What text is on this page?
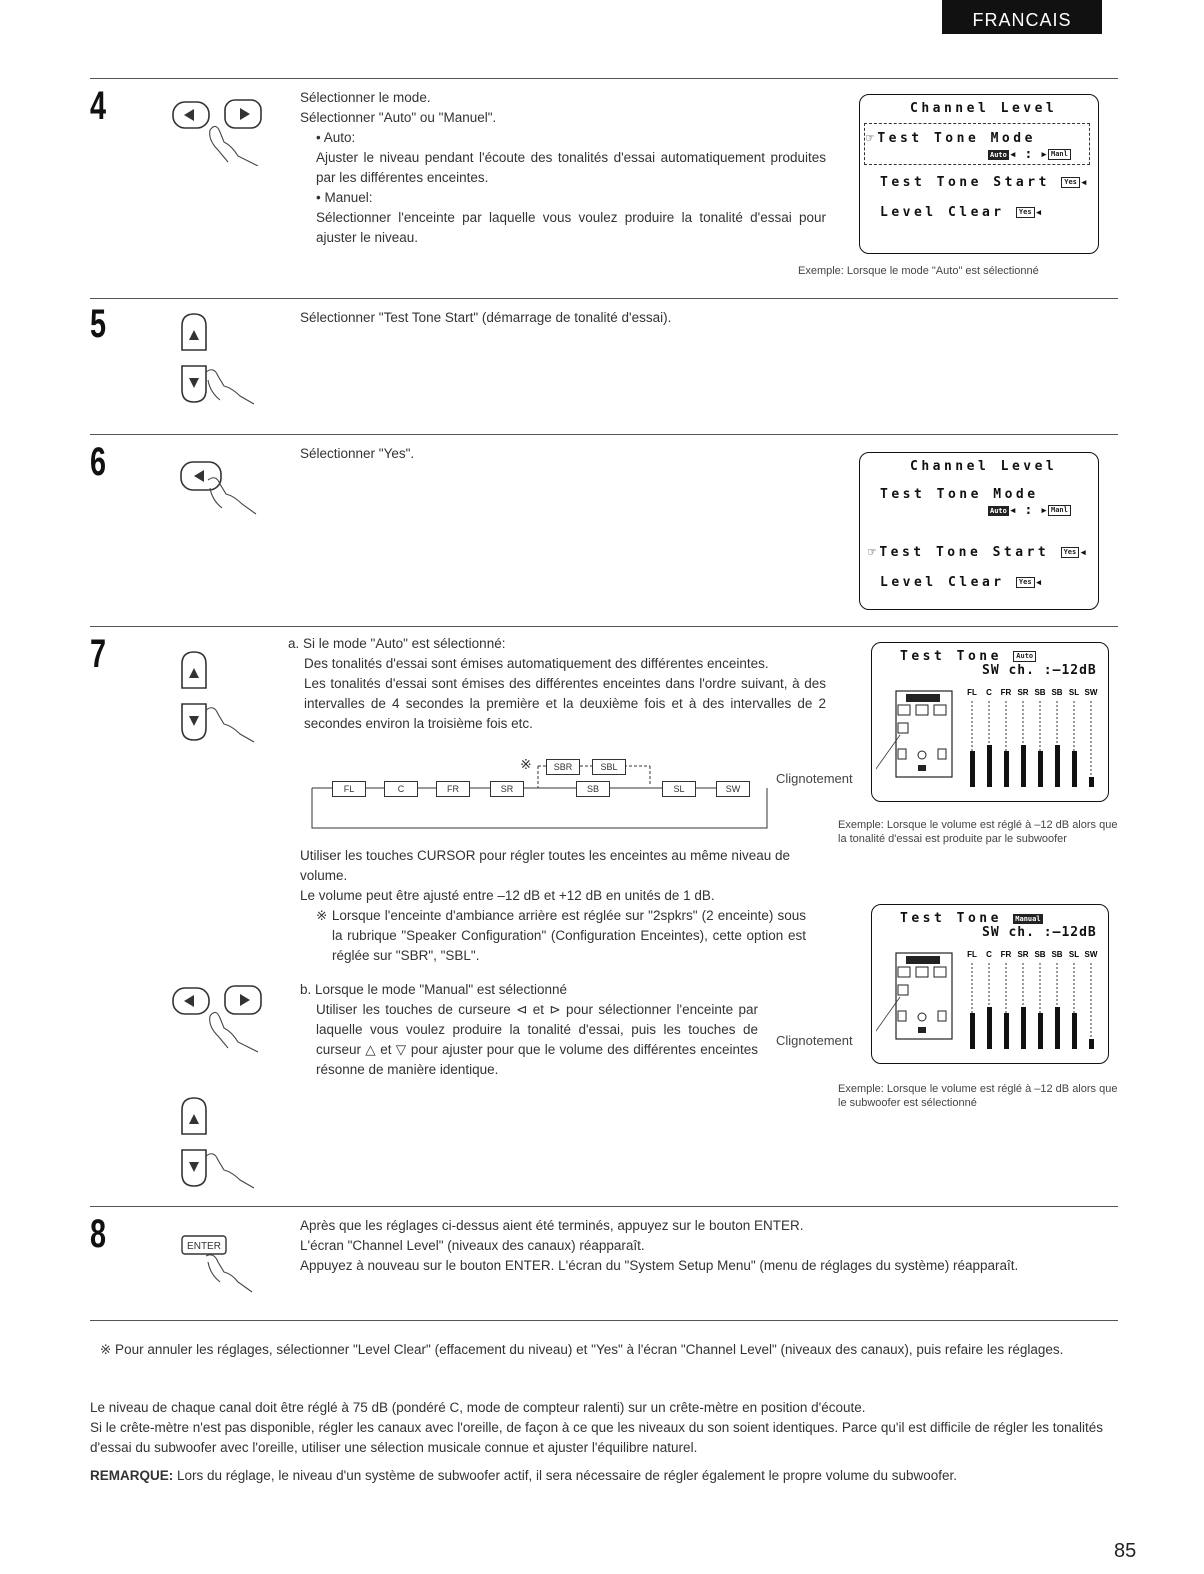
FRANCAIS
4	Sélectionner le mode.

Sélectionner "Auto" ou "Manuel".

• Auto:

Ajuster le niveau pendant l'écoute des tonalités d'essai automatiquement produites par les différentes enceintes.

• Manuel:

Sélectionner l'enceinte par laquelle vous voulez produire la tonalité d'essai pour ajuster le niveau.

Channel Level
☞Test Tone Mode
Auto ◂ : ▸ Manl
Test Tone Start Yes ◂
Level Clear Yes ◂
Exemple: Lorsque le mode "Auto" est sélectionné
5	Sélectionner "Test Tone Start" (démarrage de tonalité d'essai).
6	Sélectionner "Yes".
Channel Level
Test Tone Mode
Auto ◂ : ▸ Manl
☞Test Tone Start Yes ◂
Level Clear Yes ◂
7	a. Si le mode "Auto" est sélectionné:

Des tonalités d'essai sont émises automatiquement des différentes enceintes.

Les tonalités d'essai sont émises des différentes enceintes dans l'ordre suivant, à des intervalles de 4 secondes la première et la deuxième fois et à des intervalles de 2 secondes environ la troisième fois etc.

※	SBR	SBL
FL	C	FR	SR	SB	SL	SW

Utiliser les touches CURSOR pour régler toutes les enceintes au même niveau de volume.

Le volume peut être ajusté entre –12 dB et +12 dB en unités de 1 dB.

※ Lorsque l'enceinte d'ambiance arrière est réglée sur "2spkrs" (2 enceinte) sous la rubrique "Speaker Configuration" (Configuration Enceintes), cette option est réglée sur "SBR", "SBL".

b. Lorsque le mode "Manual" est sélectionné

Utiliser les touches de curseure ⊲ et ⊳ pour sélectionner l'enceinte par laquelle vous voulez produire la tonalité d'essai, puis les touches de curseur △ et ▽ pour ajuster pour que le volume des différentes enceintes résonne de manière identique.

Test Tone Auto
SW ch. :–12dB
FL C FR SR SB SB SL SW
Clignotement
Exemple: Lorsque le volume est réglé à –12 dB alors que la tonalité d'essai est produite par le subwoofer
Test Tone Manual
SW ch. :–12dB
FL C FR SR SB SB SL SW
Clignotement
Exemple: Lorsque le volume est réglé à –12 dB alors que le subwoofer est sélectionné
8	ENTER

Après que les réglages ci-dessus aient été terminés, appuyez sur le bouton ENTER.

L'écran "Channel Level" (niveaux des canaux) réapparaît.

Appuyez à nouveau sur le bouton ENTER. L'écran du "System Setup Menu" (menu de réglages du système) réapparaît.

※ Pour annuler les réglages, sélectionner "Level Clear" (effacement du niveau) et "Yes" à l'écran "Channel Level" (niveaux des canaux), puis refaire les réglages.

Le niveau de chaque canal doit être réglé à 75 dB (pondéré C, mode de compteur ralenti) sur un crête-mètre en position d'écoute.

Si le crête-mètre n'est pas disponible, régler les canaux avec l'oreille, de façon à ce que les niveaux du son soient identiques. Parce qu'il est difficile de régler les tonalités d'essai du subwoofer avec l'oreille, utiliser une sélection musicale connue et ajuster l'équilibre naturel.

REMARQUE: Lors du réglage, le niveau d'un système de subwoofer actif, il sera nécessaire de régler également le propre volume du subwoofer.
85
